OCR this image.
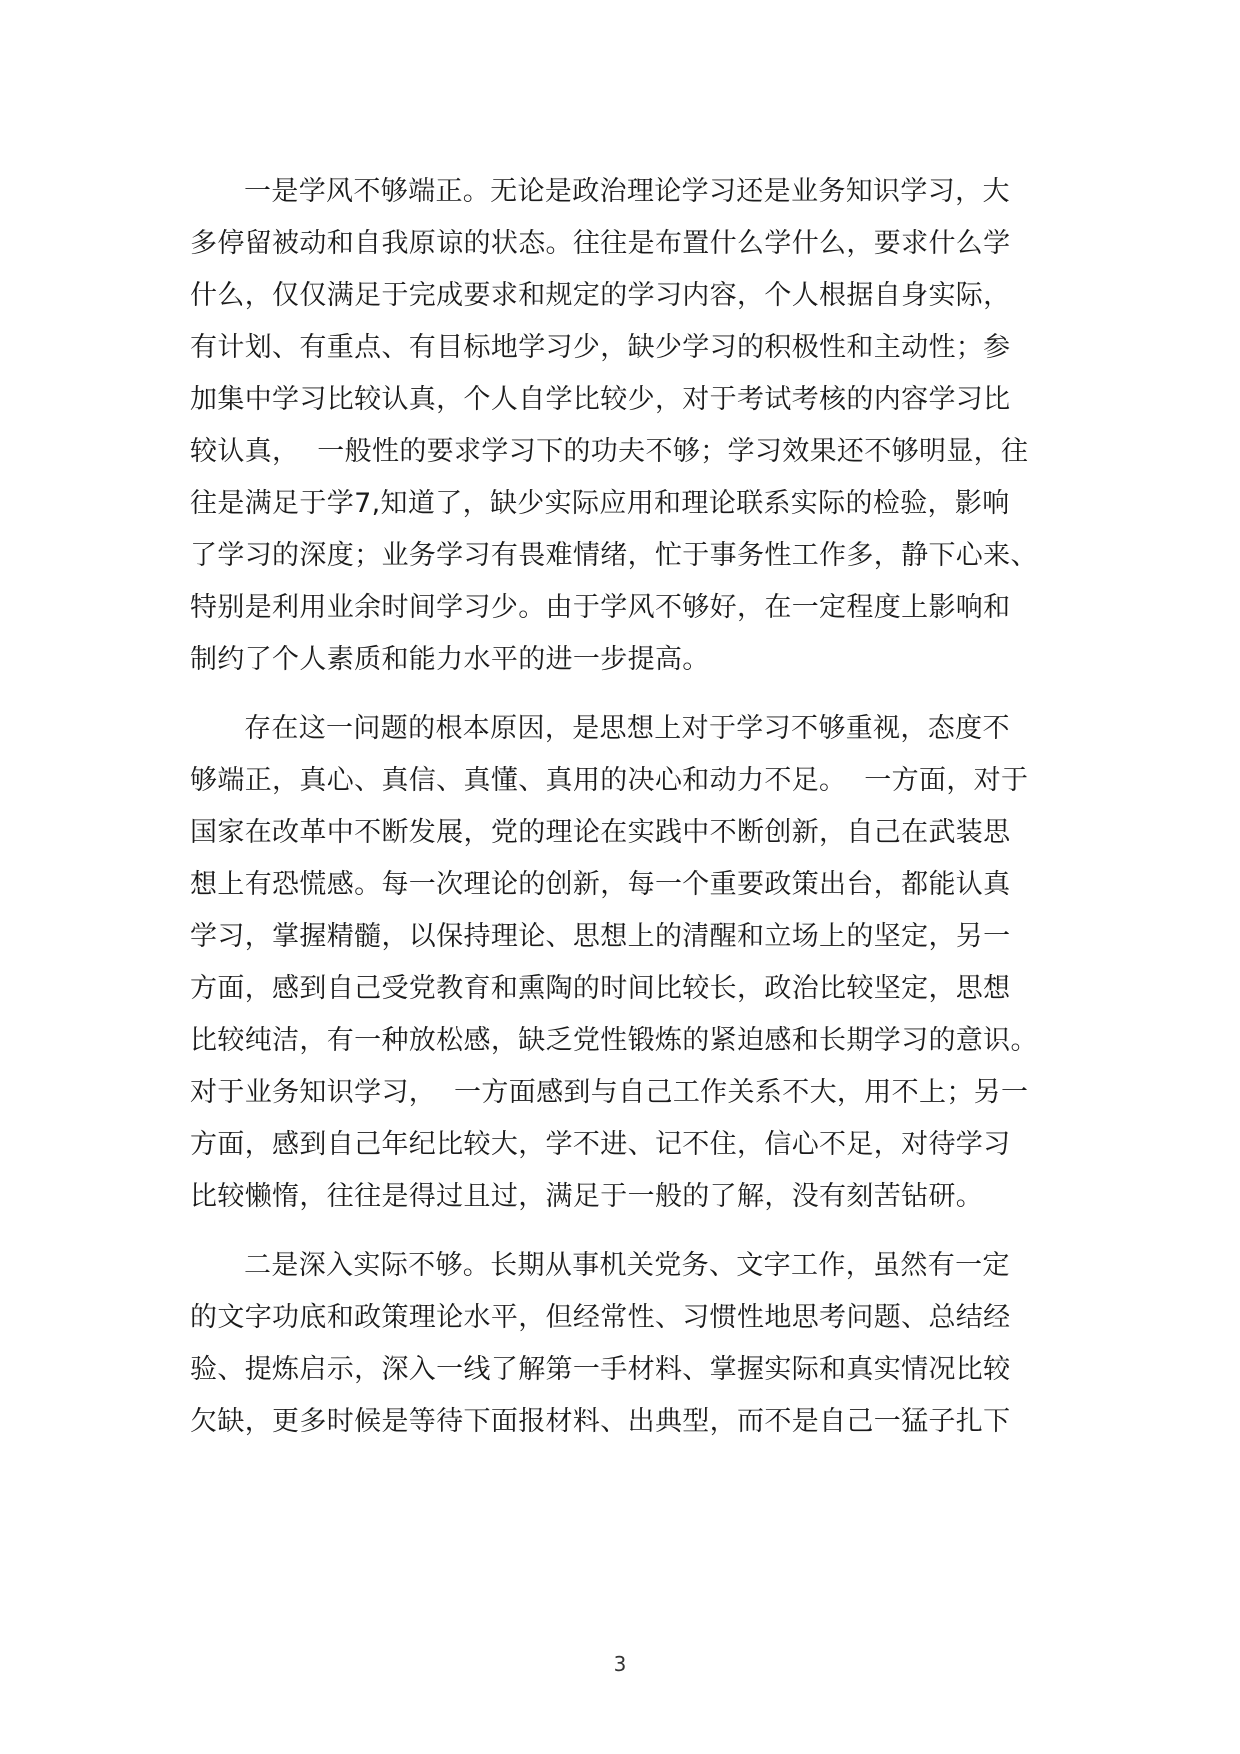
一是学风不够端正。无论是政治理论学习还是业务知识学习，大
多停留被动和自我原谅的状态。往往是布置什么学什么，要求什么学
什么，仅仅满足于完成要求和规定的学习内容，个人根据自身实际，
有计划、有重点、有目标地学习少，缺少学习的积极性和主动性；参
加集中学习比较认真，个人自学比较少，对于考试考核的内容学习比
较认真，  一般性的要求学习下的功夫不够；学习效果还不够明显，往
往是满足于学7,知道了，缺少实际应用和理论联系实际的检验，影响
了学习的深度；业务学习有畏难情绪，忙于事务性工作多，静下心来、
特别是利用业余时间学习少。由于学风不够好，在一定程度上影响和
制约了个人素质和能力水平的进一步提高。
存在这一问题的根本原因，是思想上对于学习不够重视，态度不
够端正，真心、真信、真懂、真用的决心和动力不足。  一方面，对于
国家在改革中不断发展，党的理论在实践中不断创新，自己在武装思
想上有恐慌感。每一次理论的创新，每一个重要政策出台，都能认真
学习，掌握精髓，以保持理论、思想上的清醒和立场上的坚定，另一
方面，感到自己受党教育和熏陶的时间比较长，政治比较坚定，思想
比较纯洁，有一种放松感，缺乏党性锻炼的紧迫感和长期学习的意识。
对于业务知识学习，  一方面感到与自己工作关系不大，用不上；另一
方面，感到自己年纪比较大，学不进、记不住，信心不足，对待学习
比较懒惰，往往是得过且过，满足于一般的了解，没有刻苦钻研。
二是深入实际不够。长期从事机关党务、文字工作，虽然有一定
的文字功底和政策理论水平，但经常性、习惯性地思考问题、总结经
验、提炼启示，深入一线了解第一手材料、掌握实际和真实情况比较
欠缺，更多时候是等待下面报材料、出典型，而不是自己一猛子扎下
3
